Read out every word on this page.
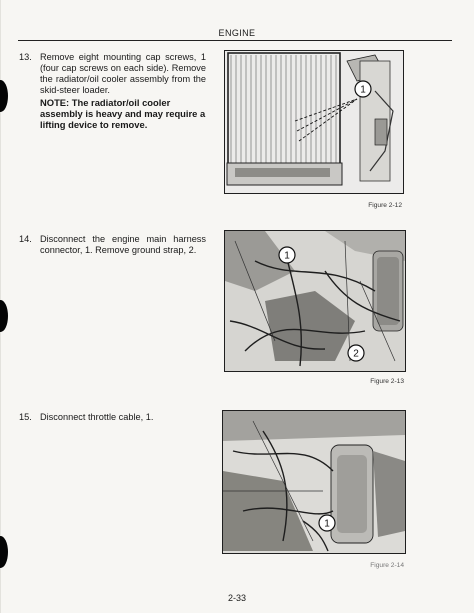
ENGINE
13. Remove eight mounting cap screws, 1 (four cap screws on each side). Remove the radiator/oil cooler assembly from the skid-steer loader.
NOTE: The radiator/oil cooler assembly is heavy and may require a lifting device to remove.
1
Figure 2-12
14. Disconnect the engine main harness connector, 1. Remove ground strap, 2.
1
2
Figure 2-13
15. Disconnect throttle cable, 1.
1
Figure 2-14
2-33
